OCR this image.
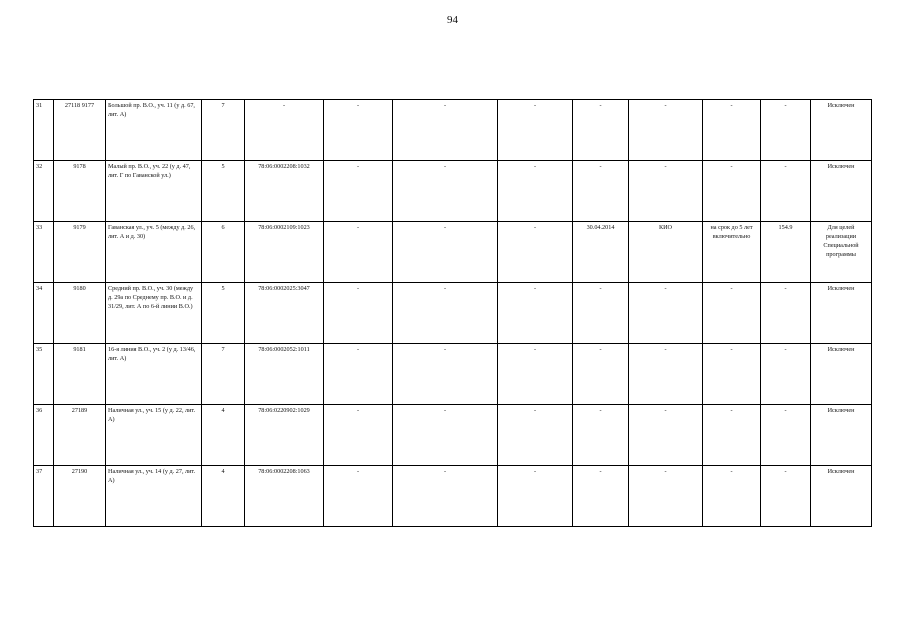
94
31	27118 9177	Большой пр. В.О., уч. 11 (у д. 67, лит. А)	7	-	-	-	-	-	-	-	-	Исключен
32	9178	Малый пр. В.О., уч. 22 (у д. 47, лит. Г по Гаванской ул.)	5	78:06:0002208:1032	-	-	-	-	-	-	-	Исключен
33	9179	Гаванская ул., уч. 5 (между д. 26, лит. А и д. 30)	6	78:06:0002109:1023	-	-	-	30.04.2014	КИО	на срок до 5 лет включительно	154.9	Для целей реализации Специальной программы
34	9180	Средний пр. В.О., уч. 30 (между д. 29а по Среднему пр. В.О. и д. 31/29, лит. А по 6-й линии В.О.)	5	78:06:0002025:3047	-	-	-	-	-	-	-	Исключен
35	9181	16-я линия В.О., уч. 2 (у д. 13/46, лит. А)	7	78:06:0002052:1011	-	-	-	-	-	-	-	Исключен
36	27189	Наличная ул., уч. 15 (у д. 22, лит. А)	4	78:06:0220902:1029	-	-	-	-	-	-	-	Исключен
37	27190	Наличная ул., уч. 14 (у д. 27, лит. А)	4	78:06:0002208:1063	-	-	-	-	-	-	-	Исключен
